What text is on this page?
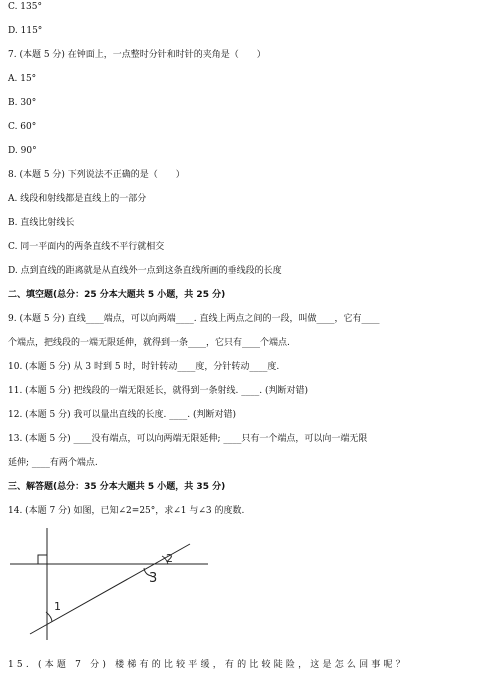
C. 135°
D. 115°
7. (本题 5 分) 在钟面上，一点整时分针和时针的夹角是（　　）
A. 15°
B. 30°
C. 60°
D. 90°
8. (本题 5 分) 下列说法不正确的是（　　）
A. 线段和射线都是直线上的一部分
B. 直线比射线长
C. 同一平面内的两条直线不平行就相交
D. 点到直线的距离就是从直线外一点到这条直线所画的垂线段的长度
二、填空题(总分：25 分本大题共 5 小题，共 25 分)
9. (本题 5 分) 直线____端点，可以向两端____. 直线上两点之间的一段，叫做____，它有____
个端点，把线段的一端无限延伸，就得到一条____，它只有____个端点.
10. (本题 5 分) 从 3 时到 5 时，时针转动____度，分针转动____度.
11. (本题 5 分) 把线段的一端无限延长，就得到一条射线. ____. (判断对错)
12. (本题 5 分) 我可以量出直线的长度. ____. (判断对错)
13. (本题 5 分) ____没有端点，可以向两端无限延伸; ____只有一个端点，可以向一端无限
延伸; ____有两个端点.
三、解答题(总分：35 分本大题共 5 小题，共 35 分)
14. (本题 7 分) 如图，已知∠2=25°，求∠1 与∠3 的度数.
1
2
3
15. (本题 7 分) 楼梯有的比较平缓，有的比较陡险，这是怎么回事呢？
